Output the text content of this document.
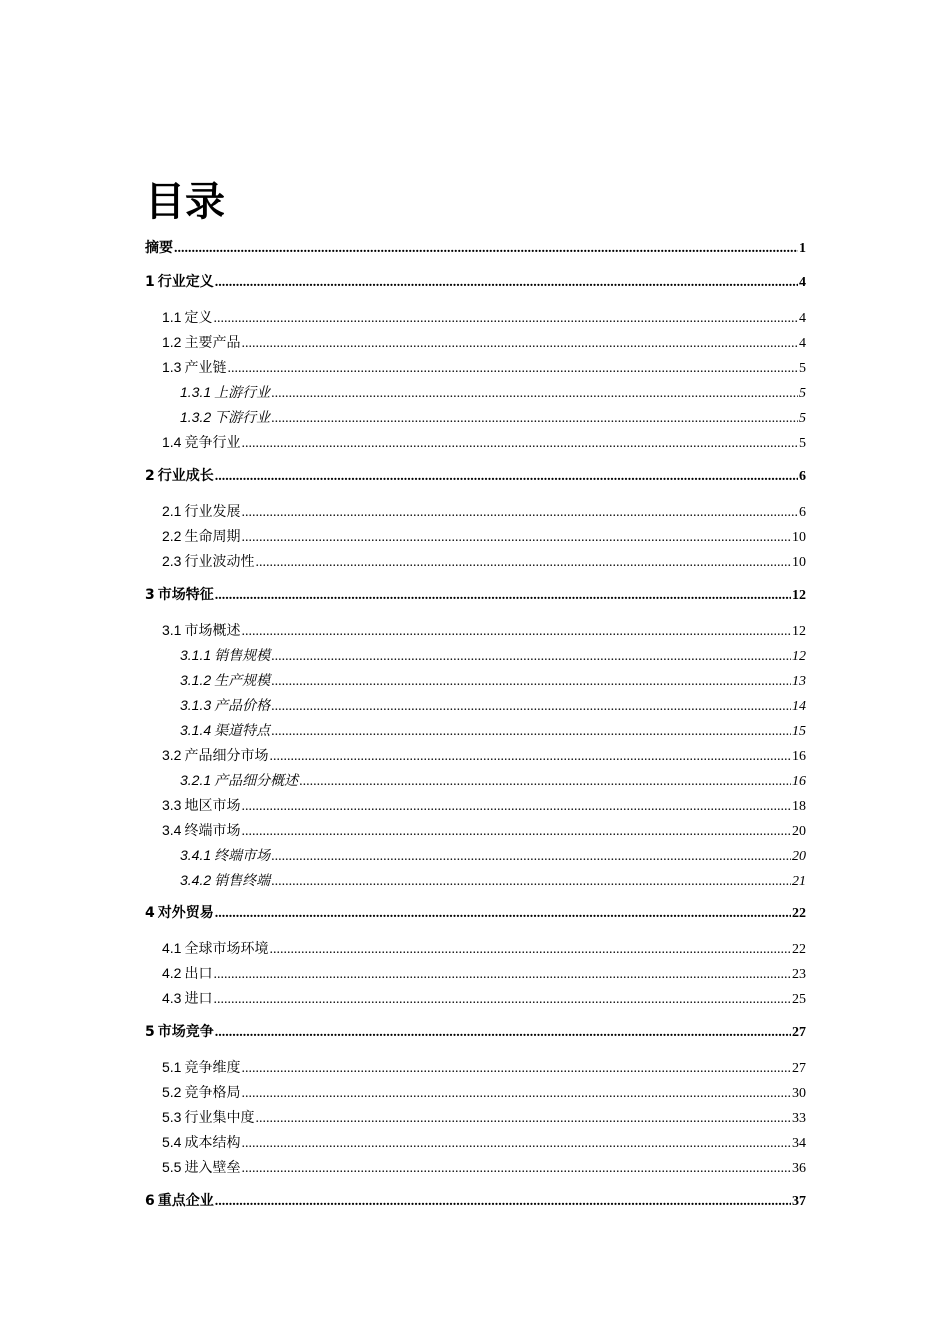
目录
摘要 .....	1
1 行业定义 .....	4
1.1 定义 .....	4
1.2 主要产品 .....	4
1.3 产业链 .....	5
1.3.1 上游行业 .....	5
1.3.2 下游行业 .....	5
1.4 竞争行业 .....	5
2 行业成长 .....	6
2.1 行业发展 .....	6
2.2 生命周期 .....	10
2.3 行业波动性 .....	10
3 市场特征 .....	12
3.1 市场概述 .....	12
3.1.1 销售规模 .....	12
3.1.2 生产规模 .....	13
3.1.3 产品价格 .....	14
3.1.4 渠道特点 .....	15
3.2 产品细分市场 .....	16
3.2.1 产品细分概述 .....	16
3.3 地区市场 .....	18
3.4 终端市场 .....	20
3.4.1 终端市场 .....	20
3.4.2 销售终端 .....	21
4 对外贸易 .....	22
4.1 全球市场环境 .....	22
4.2 出口 .....	23
4.3 进口 .....	25
5 市场竞争 .....	27
5.1 竞争维度 .....	27
5.2 竞争格局 .....	30
5.3 行业集中度 .....	33
5.4 成本结构 .....	34
5.5 进入壁垒 .....	36
6 重点企业 .....	37
